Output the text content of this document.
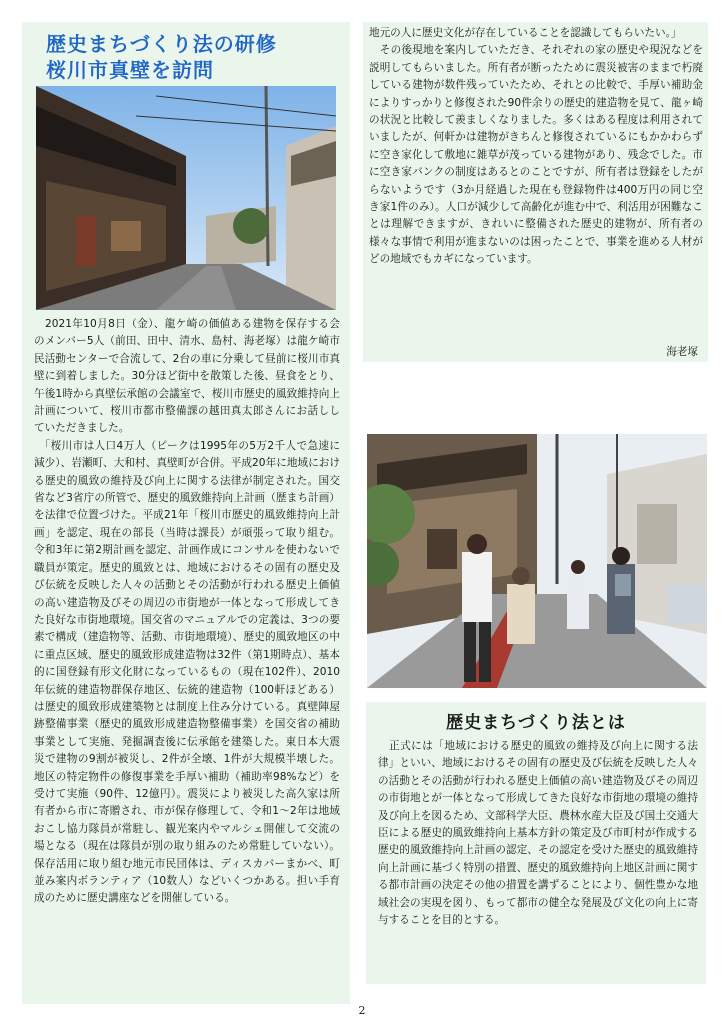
歴史まちづくり法の研修
桜川市真壁を訪問
　2021年10月8日（金）、龍ケ崎の価値ある建物を保存する会のメンバー5人（前田、田中、清水、島村、海老塚）は龍ケ崎市民活動センターで合流して、2台の車に分乗して昼前に桜川市真壁に到着しました。30分ほど街中を散策した後、昼食をとり、午後1時から真壁伝承館の会議室で、桜川市歴史的風致維持向上計画について、桜川市都市整備課の越田真太郎さんにお話ししていただきました。
　「桜川市は人口4万人（ピークは1995年の5万2千人で急速に減少）、岩瀬町、大和村、真壁町が合併。平成20年に地域における歴史的風致の維持及び向上に関する法律が制定された。国交省など3省庁の所管で、歴史的風致維持向上計画（歴まち計画）を法律で位置づけた。平成21年「桜川市歴史的風致維持向上計画」を認定、現在の部長（当時は課長）が頑張って取り組む。令和3年に第2期計画を認定、計画作成にコンサルを使わないで職員が策定。歴史的風致とは、地域におけるその固有の歴史及び伝統を反映した人々の活動とその活動が行われる歴史上価値の高い建造物及びその周辺の市街地が一体となって形成してきた良好な市街地環境。国交省のマニュアルでの定義は、3つの要素で構成（建造物等、活動、市街地環境）、歴史的風致地区の中に重点区域、歴史的風致形成建造物は32件（第1期時点）、基本的に国登録有形文化財になっているもの（現在102件）、2010年伝統的建造物群保存地区、伝統的建造物（100軒ほどある）は歴史的風致形成建築物とは制度上住み分けている。真壁陣屋跡整備事業（歴史的風致形成建造物整備事業）を国交省の補助事業として実施、発掘調査後に伝承館を建築した。東日本大震災で建物の9割が被災し、2件が全壊、1件が大規模半壊した。地区の特定物件の修復事業を手厚い補助（補助率98%など）を受けて実施（90件、12億円）。震災により被災した高久家は所有者から市に寄贈され、市が保存修理して、令和1～2年は地域おこし協力隊員が常駐し、観光案内やマルシェ開催して交流の場となる（現在は隊員が別の取り組みのため常駐していない）。保存活用に取り組む地元市民団体は、ディスカバーまかべ、町並み案内ボランティア（10数人）などいくつかある。担い手育成のために歴史講座などを開催している。
地元の人に歴史文化が存在していることを認識してもらいたい。」
　その後現地を案内していただき、それぞれの家の歴史や現況などを説明してもらいました。所有者が断ったために震災被害のままで朽廃している建物が数件残っていたため、それとの比較で、手厚い補助金によりすっかりと修復された90件余りの歴史的建造物を見て、龍ヶ崎の状況と比較して羨ましくなりました。多くはある程度は利用されていましたが、何軒かは建物がきちんと修復されているにもかかわらずに空き家化して敷地に雑草が茂っている建物があり、残念でした。市に空き家バンクの制度はあるとのことですが、所有者は登録をしたがらないようです（3か月経過した現在も登録物件は400万円の同じ空き家1件のみ）。人口が減少して高齢化が進む中で、利活用が困難なことは理解できますが、きれいに整備された歴史的建物が、所有者の様々な事情で利用が進まないのは困ったことで、事業を進める人材がどの地域でもカギになっています。

海老塚

歴史まちづくり法とは
　正式には「地域における歴史的風致の維持及び向上に関する法律」といい、地域におけるその固有の歴史及び伝統を反映した人々の活動とその活動が行われる歴史上価値の高い建造物及びその周辺の市街地とが一体となって形成してきた良好な市街地の環境の維持及び向上を図るため、文部科学大臣、農林水産大臣及び国土交通大臣による歴史的風致維持向上基本方針の策定及び市町村が作成する歴史的風致維持向上計画の認定、その認定を受けた歴史的風致維持向上計画に基づく特別の措置、歴史的風致維持向上地区計画に関する都市計画の決定その他の措置を講ずることにより、個性豊かな地域社会の実現を図り、もって都市の健全な発展及び文化の向上に寄与することを目的とする。
2
